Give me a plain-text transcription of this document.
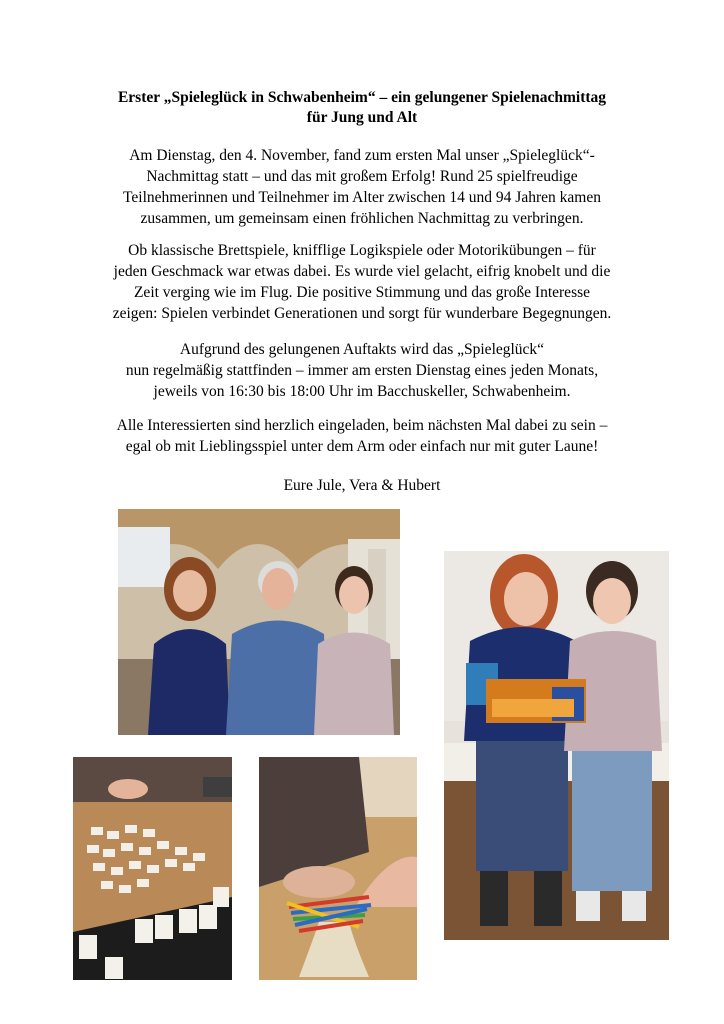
Erster „Spieleglück in Schwabenheim“ – ein gelungener Spielenachmittag
für Jung und Alt
Am Dienstag, den 4. November, fand zum ersten Mal unser „Spieleglück“-
Nachmittag statt – und das mit großem Erfolg! Rund 25 spielfreudige
Teilnehmerinnen und Teilnehmer im Alter zwischen 14 und 94 Jahren kamen
zusammen, um gemeinsam einen fröhlichen Nachmittag zu verbringen.
Ob klassische Brettspiele, knifflige Logikspiele oder Motorikübungen – für
jeden Geschmack war etwas dabei. Es wurde viel gelacht, eifrig knobelt und die
Zeit verging wie im Flug. Die positive Stimmung und das große Interesse
zeigen: Spielen verbindet Generationen und sorgt für wunderbare Begegnungen.
Aufgrund des gelungenen Auftakts wird das „Spieleglück“
nun regelmäßig stattfinden – immer am ersten Dienstag eines jeden Monats,
jeweils von 16:30 bis 18:00 Uhr im Bacchuskeller, Schwabenheim.
Alle Interessierten sind herzlich eingeladen, beim nächsten Mal dabei zu sein –
egal ob mit Lieblingsspiel unter dem Arm oder einfach nur mit guter Laune!
Eure Jule, Vera & Hubert
